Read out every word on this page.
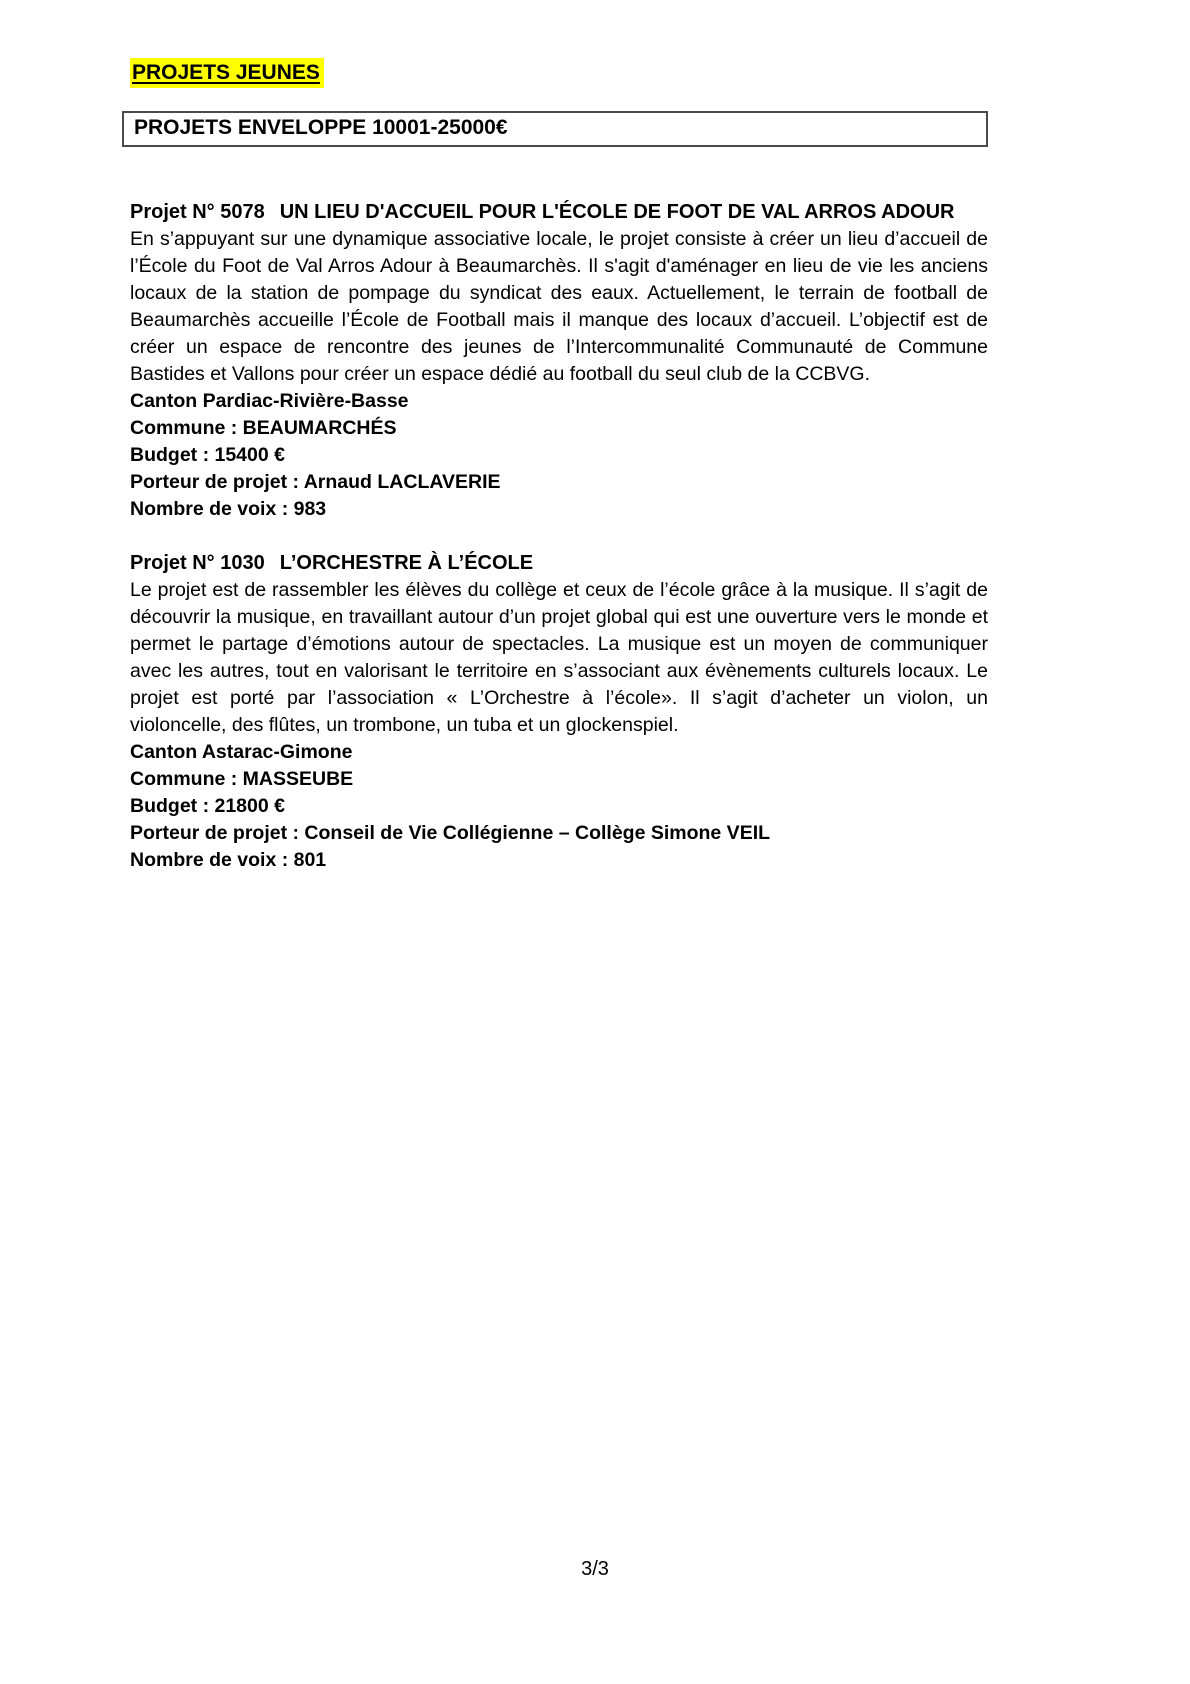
PROJETS JEUNES
PROJETS ENVELOPPE 10001-25000€

Projet N° 5078 UN LIEU D'ACCUEIL POUR L'ÉCOLE DE FOOT DE VAL ARROS ADOUR

En s’appuyant sur une dynamique associative locale, le projet consiste à créer un lieu d’accueil de l’École du Foot de Val Arros Adour à Beaumarchès. Il s'agit d'aménager en lieu de vie les anciens locaux de la station de pompage du syndicat des eaux. Actuellement, le terrain de football de Beaumarchès accueille l’École de Football mais il manque des locaux d’accueil. L’objectif est de créer un espace de rencontre des jeunes de l’Intercommunalité Communauté de Commune Bastides et Vallons pour créer un espace dédié au football du seul club de la CCBVG.

Canton Pardiac-Rivière-Basse

Commune : BEAUMARCHÉS

Budget : 15400 €

Porteur de projet : Arnaud LACLAVERIE

Nombre de voix : 983

Projet N° 1030 L’ORCHESTRE À L’ÉCOLE

Le projet est de rassembler les élèves du collège et ceux de l’école grâce à la musique. Il s’agit de découvrir la musique, en travaillant autour d’un projet global qui est une ouverture vers le monde et permet le partage d’émotions autour de spectacles. La musique est un moyen de communiquer avec les autres, tout en valorisant le territoire en s’associant aux évènements culturels locaux. Le projet est porté par l’association « L’Orchestre à l’école». Il s’agit d’acheter un violon, un violoncelle, des flûtes, un trombone, un tuba et un glockenspiel.

Canton Astarac-Gimone

Commune : MASSEUBE

Budget : 21800 €

Porteur de projet : Conseil de Vie Collégienne – Collège Simone VEIL

Nombre de voix : 801

3/3
